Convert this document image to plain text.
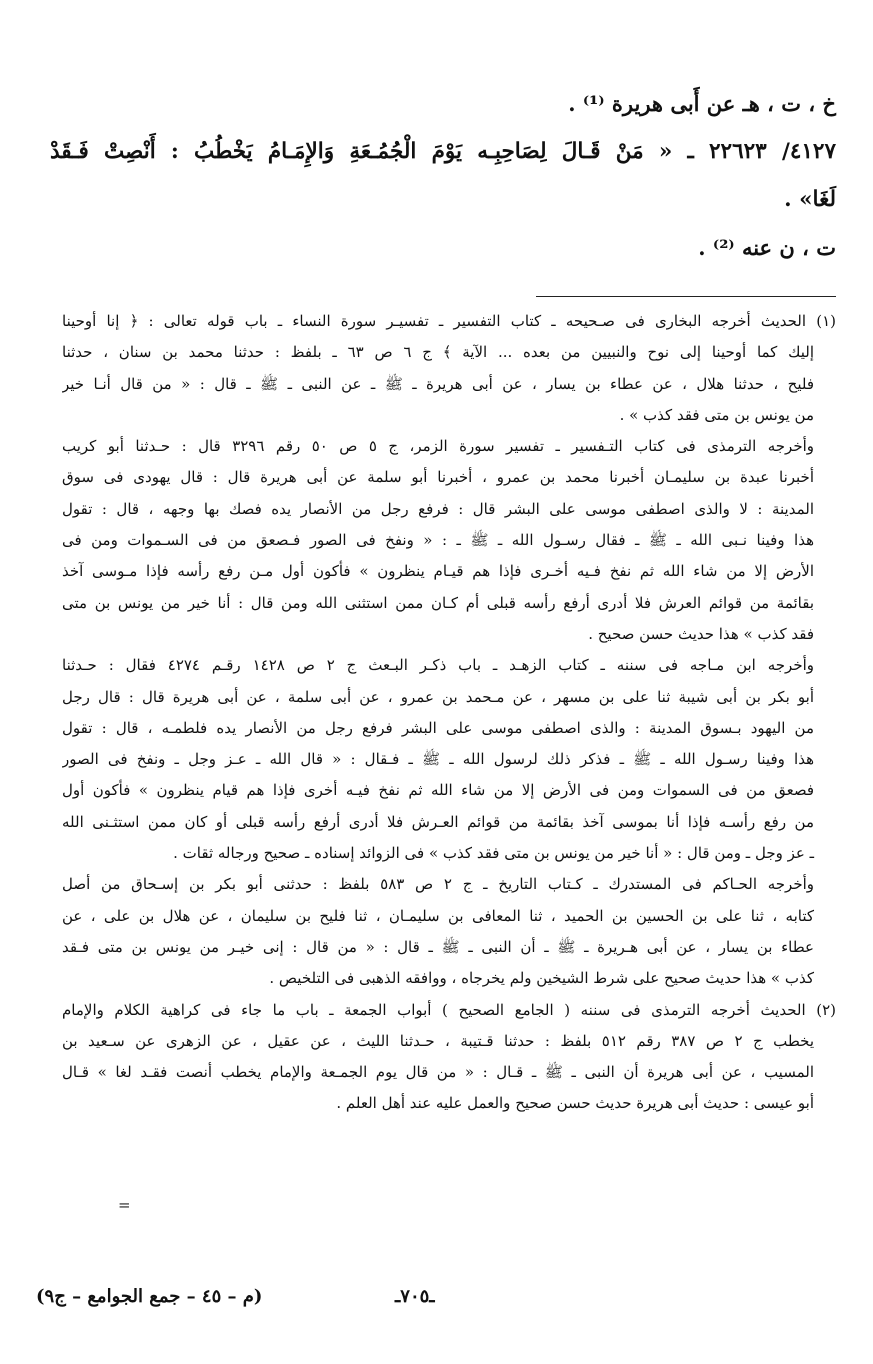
خ ، ت ، هـ عن أَبى هريرة ⁽¹⁾ .
٤١٢٧/ ٢٢٦٢٣ ـ « مَنْ قَـالَ لِصَاحِبِـه يَوْمَ الْجُمُـعَةِ وَالإِمَـامُ يَخْطُبُ : أَنْصِتْ فَـقَدْ
لَغَا» .
ت ، ن عنه ⁽²⁾ .
(١) الحديث أخرجه البخارى فى صـحيحه ـ كتاب التفسير ـ تفسيـر سورة النساء ـ باب قوله تعالى : ﴿ إنا أوحينا
إليك كما أوحينا إلى نوح والنبيين من بعده ... الآية ﴾ ج ٦ ص ٦٣ ـ بلفظ : حدثنا محمد بن سنان ، حدثنا
فليح ، حدثنا هلال ، عن عطاء بن يسار ، عن أبى هريرة ـ ﷺ ـ عن النبى ـ ﷺ ـ قال : « من قال أنـا خير
من يونس بن متى فقد كذب » .
وأخرجه الترمذى فى كتاب التـفسير ـ تفسير سورة الزمر، ج ٥ ص ٥٠ رقم ٣٢٩٦ قال : حـدثنا أبو كريب
أخبرنا عبدة بن سليمـان أخبرنا محمد بن عمرو ، أخبرنا أبو سلمة عن أبى هريرة قال : قال يهودى فى سوق
المدينة : لا والذى اصطفى موسى على البشر قال : فرفع رجل من الأنصار يده فصك بها وجهه ، قال : تقول
هذا وفينا نـبى الله ـ ﷺ ـ فقال رسـول الله ـ ﷺ ـ : « ونفخ فى الصور فـصعق من فى السـموات ومن فى
الأرض إلا من شاء الله ثم نفخ فـيه أخـرى فإذا هم قيـام ينظرون » فأكون أول مـن رفع رأسه فإذا مـوسى آخذ
بقائمة من قوائم العرش فلا أدرى أرفع رأسه قبلى أم كـان ممن استثنى الله ومن قال : أنا خير من يونس بن متى
فقد كذب » هذا حديث حسن صحيح .
وأخرجه ابن مـاجه فى سننه ـ كتاب الزهـد ـ باب ذكـر البـعث ج ٢ ص ١٤٢٨ رقـم ٤٢٧٤ فقال : حـدثنا
أبو بكر بن أبى شيبة ثنا على بن مسهر ، عن مـحمد بن عمرو ، عن أبى سلمة ، عن أبى هريرة قال : قال رجل
من اليهود بـسوق المدينة : والذى اصطفى موسى على البشر فرفع رجل من الأنصار يده فلطمـه ، قال : تقول
هذا وفينا رسـول الله ـ ﷺ ـ فذكر ذلك لرسول الله ـ ﷺ ـ فـقال : « قال الله ـ عـز وجل ـ ونفخ فى الصور
فصعق من فى السموات ومن فى الأرض إلا من شاء الله ثم نفخ فيـه أخرى فإذا هم قيام ينظرون » فأكون أول
من رفع رأسـه فإذا أنا بموسى آخذ بقائمة من قوائم العـرش فلا أدرى أرفع رأسه قبلى أو كان ممن استثـنى الله
ـ عز وجل ـ ومن قال : « أنا خير من يونس بن متى فقد كذب » فى الزوائد إسناده ـ صحيح ورجاله ثقات .
وأخرجه الحـاكم فى المستدرك ـ كـتاب التاريخ ـ ج ٢ ص ٥٨٣ بلفظ : حدثنى أبو بكر بن إسـحاق من أصل
كتابه ، ثنا على بن الحسين بن الحميد ، ثنا المعافى بن سليمـان ، ثنا فليح بن سليمان ، عن هلال بن على ، عن
عطاء بن يسار ، عن أبى هـريرة ـ ﷺ ـ أن النبى ـ ﷺ ـ قال : « من قال : إنى خيـر من يونس بن متى فـقد
كذب » هذا حديث صحيح على شرط الشيخين ولم يخرجاه ، ووافقه الذهبى فى التلخيص .
(٢) الحديث أخرجه الترمذى فى سننه ( الجامع الصحيح ) أبواب الجمعة ـ باب ما جاء فى كراهية الكلام والإمام
يخطب ج ٢ ص ٣٨٧ رقم ٥١٢ بلفظ : حدثنا قـتيبة ، حـدثنا الليث ، عن عقيل ، عن الزهرى عن سـعيد بن
المسيب ، عن أبى هريرة أن النبى ـ ﷺ ـ قـال : « من قال يوم الجمـعة والإمام يخطب أنصت فقـد لغا » قـال
أبو عيسى : حديث أبى هريرة حديث حسن صحيح والعمل عليه عند أهل العلم .
=
ـ٧٠٥ـ
(م – ٤٥ – جمع الجوامع – ج٩)
